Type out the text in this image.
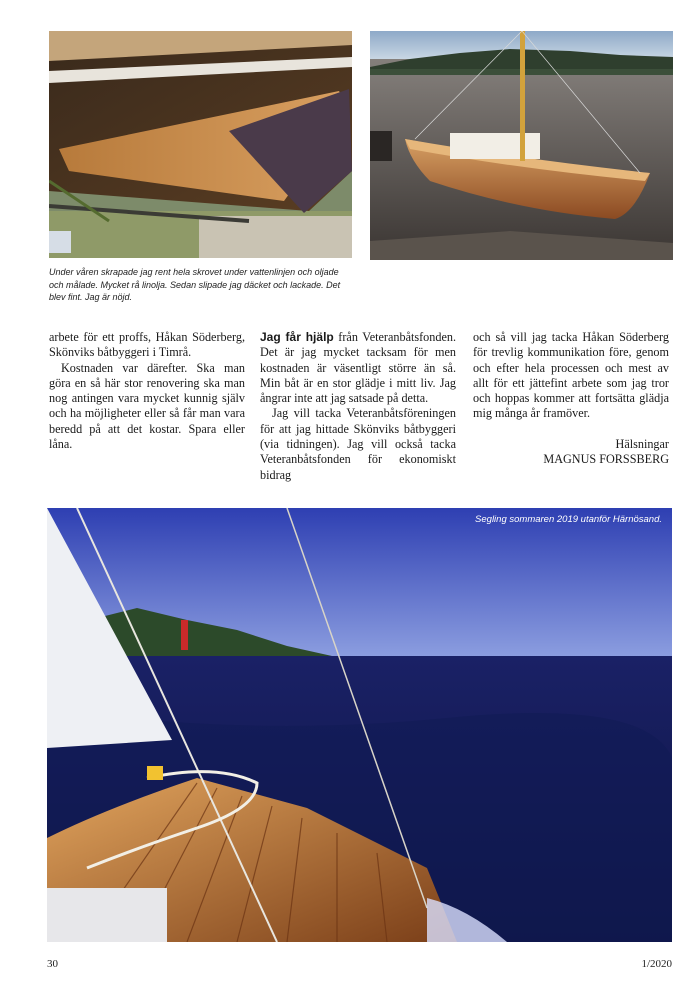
Under våren skrapade jag rent hela skrovet under vattenlinjen och oljade och målade. Mycket rå linolja. Sedan slipade jag däcket och lackade. Det blev fint. Jag är nöjd.

arbete för ett proffs, Håkan Söderberg, Skönviks båtbyggeri i Timrå.

Kostnaden var därefter. Ska man göra en så här stor renovering ska man nog antingen vara mycket kunnig själv och ha möjligheter eller så får man vara beredd på att det kostar. Spara eller låna.

Jag får hjälp från Veteranbåtsfonden. Det är jag mycket tacksam för men kostnaden är väsentligt större än så. Min båt är en stor glädje i mitt liv. Jag ångrar inte att jag satsade på detta.

Jag vill tacka Veteranbåtsföreningen för att jag hittade Skönviks båtbyggeri (via tidningen). Jag vill också tacka Veteranbåtsfonden för ekonomiskt bidrag

och så vill jag tacka Håkan Söderberg för trevlig kommunikation före, genom och efter hela processen och mest av allt för ett jättefint arbete som jag tror och hoppas kommer att fortsätta glädja mig många år framöver.

Hälsningar
MAGNUS FORSSBERG
Segling sommaren 2019 utanför Härnösand.
30	1/2020
